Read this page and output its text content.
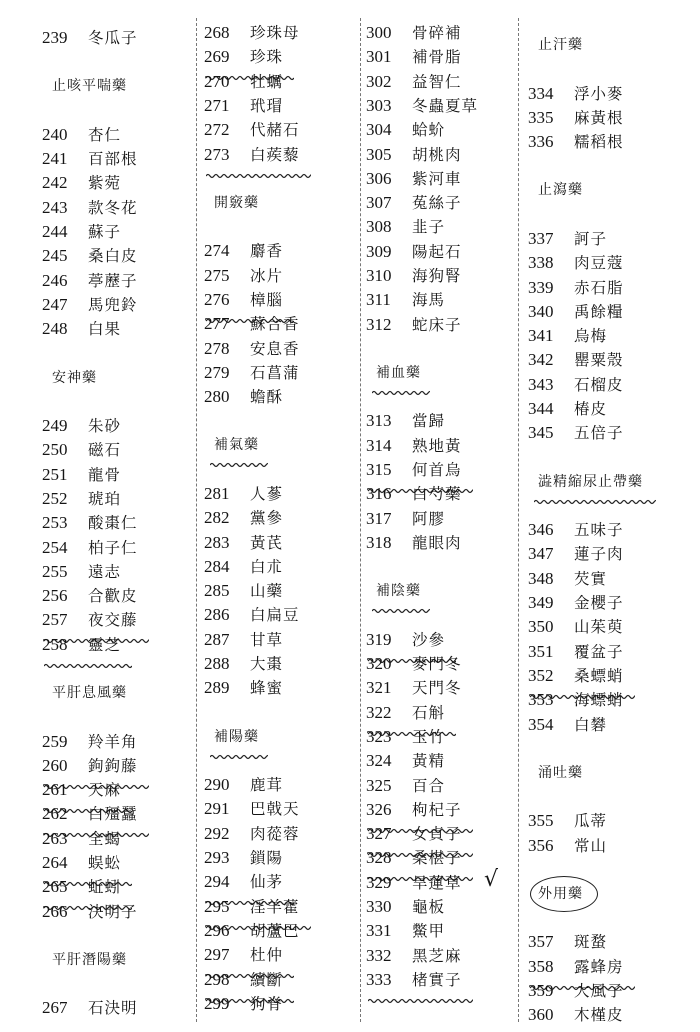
239 冬瓜子
止咳平喘藥
240 杏仁
241 百部根
242 紫菀
243 款冬花
244 蘇子
245 桑白皮
246 葶藶子
247 馬兜鈴
248 白果
安神藥
249 朱砂
250 磁石
251 龍骨
252 琥珀
253 酸棗仁
254 柏子仁
255 遠志
256 合歡皮
257 夜交藤
258 靈芝
平肝息風藥
259 羚羊角
260 鉤鉤藤
261 天麻
262 白殭蠶
263 全蝎
264 蜈蚣
265 蚯蚓
266 決明子
平肝潛陽藥
267 石決明
268 珍珠母
269 珍珠
270 牡蠣
271 玳瑁
272 代赭石
273 白蒺藜
開竅藥
274 麝香
275 冰片
276 樟腦
277 蘇合香
278 安息香
279 石菖蒲
280 蟾酥
補氣藥
281 人蔘
282 黨參
283 黃芪
284 白朮
285 山藥
286 白扁豆
287 甘草
288 大棗
289 蜂蜜
補陽藥
290 鹿茸
291 巴戟天
292 肉蓯蓉
293 鎖陽
294 仙茅
295 淫羊藿
296 胡蘆巴
297 杜仲
298 續斷
299 狗脊
300 骨碎補
301 補骨脂
302 益智仁
303 冬蟲夏草
304 蛤蚧
305 胡桃肉
306 紫河車
307 菟絲子
308 韭子
309 陽起石
310 海狗腎
311 海馬
312 蛇床子
補血藥
313 當歸
314 熟地黃
315 何首烏
316 白芍藥
317 阿膠
318 龍眼肉
補陰藥
319 沙參
320 麥門冬
321 天門冬
322 石斛
323 玉竹
324 黃精
325 百合
326 枸杞子
327 女貞子
328 桑椹子
329 旱蓮草 √
330 龜板
331 鱉甲
332 黑芝麻
333 楮實子
止汗藥
334 浮小麥
335 麻黃根
336 糯稻根
止瀉藥
337 訶子
338 肉豆蔻
339 赤石脂
340 禹餘糧
341 烏梅
342 罌粟殼
343 石榴皮
344 椿皮
345 五倍子
澁精縮尿止帶藥
346 五味子
347 蓮子肉
348 芡實
349 金櫻子
350 山茱萸
351 覆盆子
352 桑螵蛸
353 海螵蛸
354 白礬
涌吐藥
355 瓜蒂
356 常山
外用藥
357 斑蝥
358 露蜂房
359 大風子
360 木槿皮
